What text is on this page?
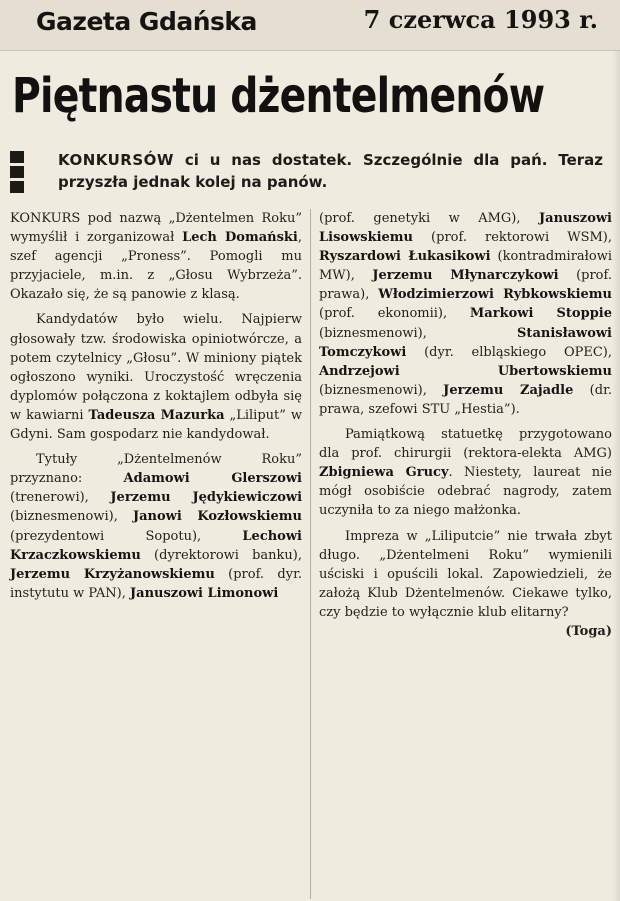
Gazeta Gdańska	7 czerwca 1993 r.
Piętnastu dżentelmenów
KONKURSÓW ci u nas dostatek. Szczególnie dla pań. Teraz przyszła jednak kolej na panów.

KONKURS pod nazwą „Dżentelmen Roku” wymyślił i zorganizował Lech Domański, szef agencji „Proness”. Pomogli mu przyjaciele, m.in. z „Głosu Wybrzeża”. Okazało się, że są panowie z klasą.

Kandydatów było wielu. Najpierw głosowały tzw. środowiska opiniotwórcze, a potem czytelnicy „Głosu”. W miniony piątek ogłoszono wyniki. Uroczystość wręczenia dyplomów połączona z koktajlem odbyła się w kawiarni Tadeusza Mazurka „Liliput” w Gdyni. Sam gospodarz nie kandydował.

Tytuły „Dżentelmenów Roku” przyznano: Adamowi Glerszowi (trenerowi), Jerzemu Jędykiewiczowi (biznesmenowi), Janowi Kozłowskiemu (prezydentowi Sopotu), Lechowi Krzaczkowskiemu (dyrektorowi banku), Jerzemu Krzyżanowskiemu (prof. dyr. instytutu w PAN), Januszowi Limonowi

(prof. genetyki w AMG), Januszowi Lisowskiemu (prof. rektorowi WSM), Ryszardowi Łukasikowi (kontradmirałowi MW), Jerzemu Młynarczykowi (prof. prawa), Włodzimierzowi Rybkowskiemu (prof. ekonomii), Markowi Stoppie (biznesmenowi), Stanisławowi Tomczykowi (dyr. elbląskiego OPEC), Andrzejowi Ubertowskiemu (biznesmenowi), Jerzemu Zajadle (dr. prawa, szefowi STU „Hestia”).

Pamiątkową statuetkę przygotowano dla prof. chirurgii (rektora-elekta AMG) Zbigniewa Grucy. Niestety, laureat nie mógł osobiście odebrać nagrody, zatem uczyniła to za niego małżonka.

Impreza w „Liliputcie” nie trwała zbyt długo. „Dżentelmeni Roku” wymienili uściski i opuścili lokal. Zapowiedzieli, że założą Klub Dżentelmenów. Ciekawe tylko, czy będzie to wyłącznie klub elitarny?
(Toga)
